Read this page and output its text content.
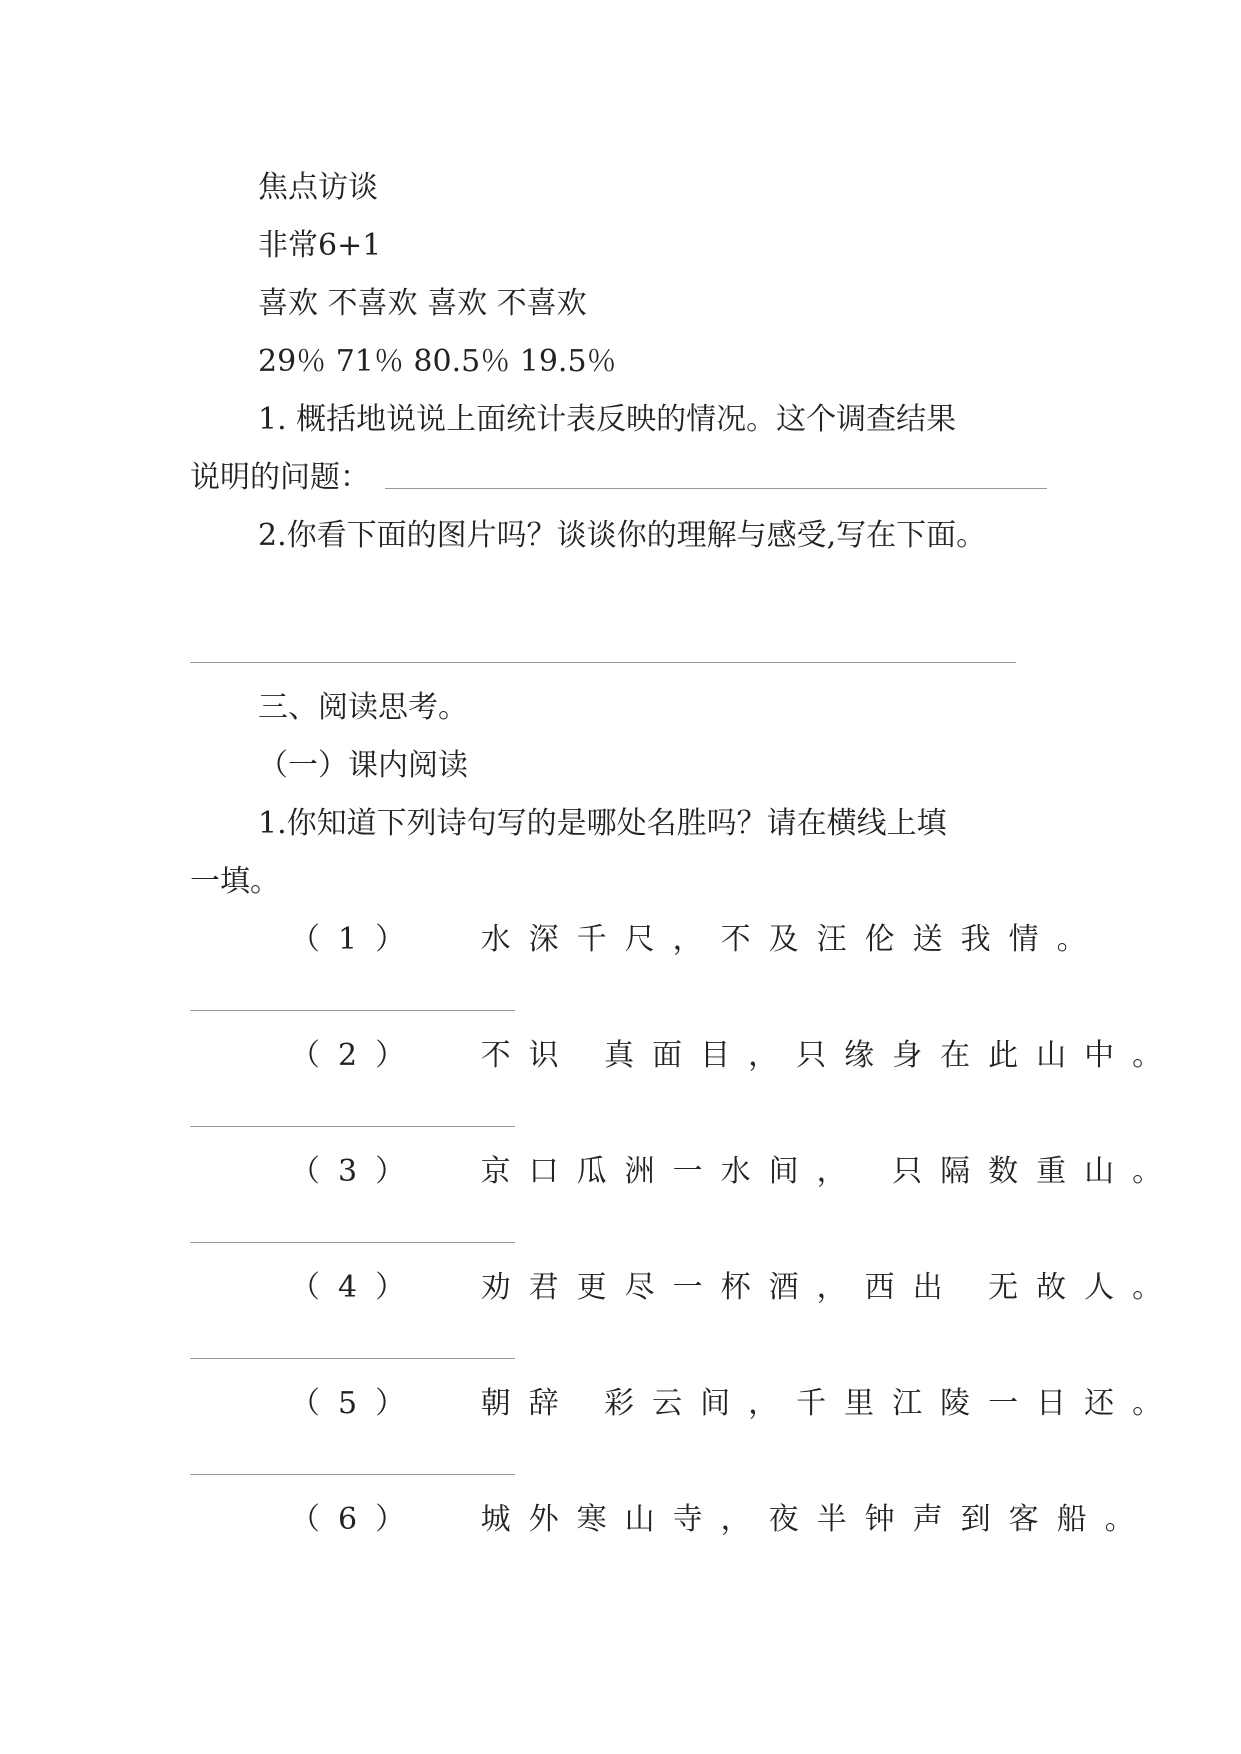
焦点访谈
非常6+1
喜欢 不喜欢 喜欢 不喜欢
29％ 71％ 80.5％ 19.5％
1. 概括地说说上面统计表反映的情况。这个调查结果
说明的问题：
2.你看下面的图片吗？谈谈你的理解与感受,写在下面。
三、阅读思考。
（一）课内阅读
1.你知道下列诗句写的是哪处名胜吗？请在横线上填
一填。
（1） 水深千尺，不及汪伦送我情。
（2） 不识 真面目，只缘身在此山中。
（3） 京口瓜洲一水间， 只隔数重山。
（4） 劝君更尽一杯酒，西出 无故人。
（5） 朝辞 彩云间，千里江陵一日还。
（6） 城外寒山寺，夜半钟声到客船。
